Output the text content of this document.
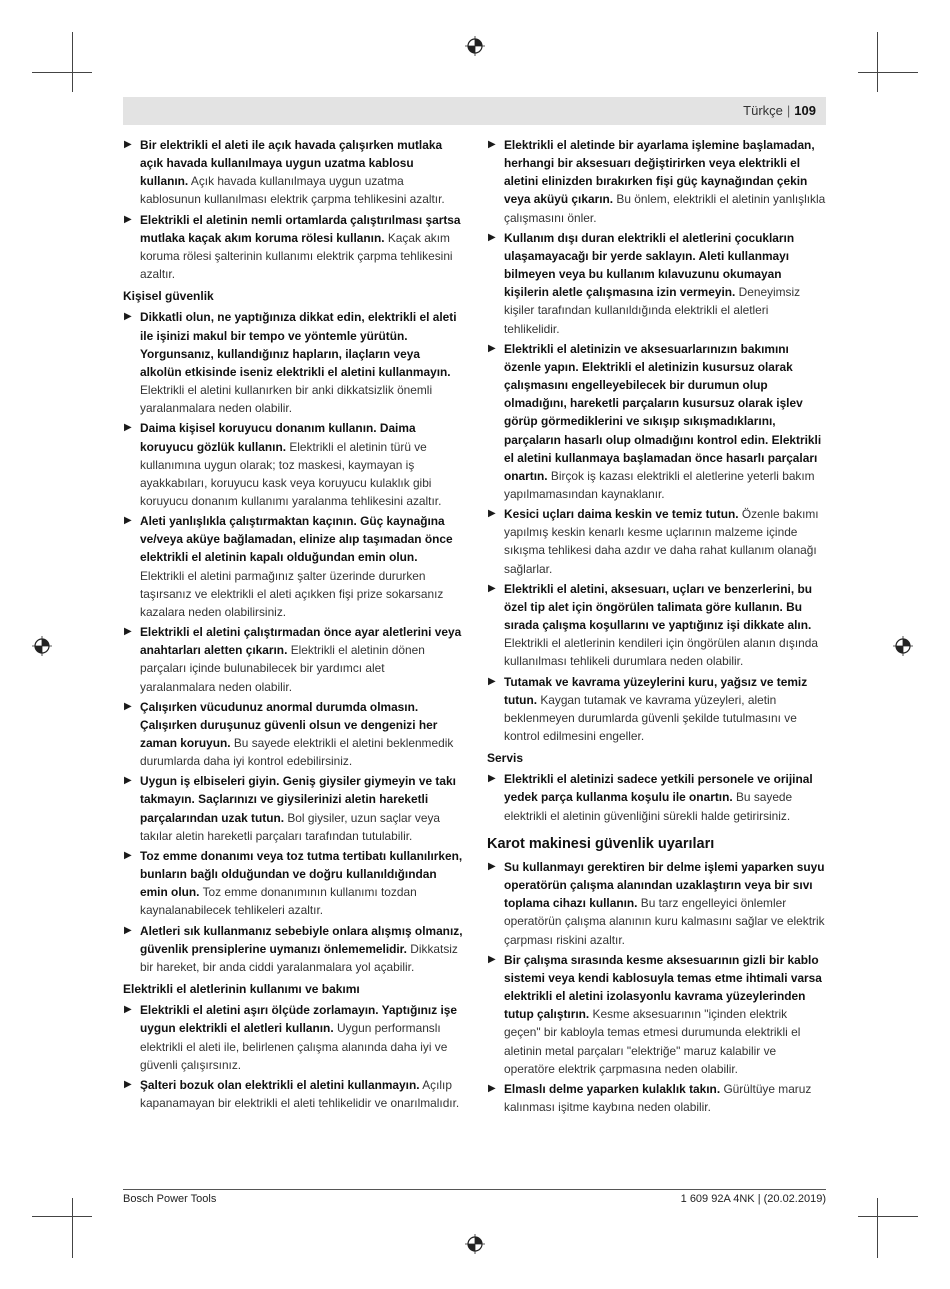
Türkçe | 109
▶ Bir elektrikli el aleti ile açık havada çalışırken mutlaka açık havada kullanılmaya uygun uzatma kablosu kullanın. Açık havada kullanılmaya uygun uzatma kablosunun kullanılması elektrik çarpma tehlikesini azaltır.
▶ Elektrikli el aletinin nemli ortamlarda çalıştırılması şartsa mutlaka kaçak akım koruma rölesi kullanın. Kaçak akım koruma rölesi şalterinin kullanımı elektrik çarpma tehlikesini azaltır.
Kişisel güvenlik
▶ Dikkatli olun, ne yaptığınıza dikkat edin, elektrikli el aleti ile işinizi makul bir tempo ve yöntemle yürütün. Yorgunsanız, kullandığınız hapların, ilaçların veya alkolün etkisinde iseniz elektrikli el aletini kullanmayın. Elektrikli el aletini kullanırken bir anki dikkatsizlik önemli yaralanmalara neden olabilir.
▶ Daima kişisel koruyucu donanım kullanın. Daima koruyucu gözlük kullanın. Elektrikli el aletinin türü ve kullanımına uygun olarak; toz maskesi, kaymayan iş ayakkabıları, koruyucu kask veya koruyucu kulaklık gibi koruyucu donanım kullanımı yaralanma tehlikesini azaltır.
▶ Aleti yanlışlıkla çalıştırmaktan kaçının. Güç kaynağına ve/veya aküye bağlamadan, elinize alıp taşımadan önce elektrikli el aletinin kapalı olduğundan emin olun. Elektrikli el aletini parmağınız şalter üzerinde dururken taşırsanız ve elektrikli el aleti açıkken fişi prize sokarsanız kazalara neden olabilirsiniz.
▶ Elektrikli el aletini çalıştırmadan önce ayar aletlerini veya anahtarları aletten çıkarın. Elektrikli el aletinin dönen parçaları içinde bulunabilecek bir yardımcı alet yaralanmalara neden olabilir.
▶ Çalışırken vücudunuz anormal durumda olmasın. Çalışırken duruşunuz güvenli olsun ve dengenizi her zaman koruyun. Bu sayede elektrikli el aletini beklenmedik durumlarda daha iyi kontrol edebilirsiniz.
▶ Uygun iş elbiseleri giyin. Geniş giysiler giymeyin ve takı takmayın. Saçlarınızı ve giysilerinizi aletin hareketli parçalarından uzak tutun. Bol giysiler, uzun saçlar veya takılar aletin hareketli parçaları tarafından tutulabilir.
▶ Toz emme donanımı veya toz tutma tertibatı kullanılırken, bunların bağlı olduğundan ve doğru kullanıldığından emin olun. Toz emme donanımının kullanımı tozdan kaynalanabilecek tehlikeleri azaltır.
▶ Aletleri sık kullanmanız sebebiyle onlara alışmış olmanız, güvenlik prensiplerine uymanızı önlememelidir. Dikkatsiz bir hareket, bir anda ciddi yaralanmalara yol açabilir.
Elektrikli el aletlerinin kullanımı ve bakımı
▶ Elektrikli el aletini aşırı ölçüde zorlamayın. Yaptığınız işe uygun elektrikli el aletleri kullanın. Uygun performanslı elektrikli el aleti ile, belirlenen çalışma alanında daha iyi ve güvenli çalışırsınız.
▶ Şalteri bozuk olan elektrikli el aletini kullanmayın. Açılıp kapanamayan bir elektrikli el aleti tehlikelidir ve onarılmalıdır.
▶ Elektrikli el aletinde bir ayarlama işlemine başlamadan, herhangi bir aksesuarı değiştirirken veya elektrikli el aletini elinizden bırakırken fişi güç kaynağından çekin veya aküyü çıkarın. Bu önlem, elektrikli el aletinin yanlışlıkla çalışmasını önler.
▶ Kullanım dışı duran elektrikli el aletlerini çocukların ulaşamayacağı bir yerde saklayın. Aleti kullanmayı bilmeyen veya bu kullanım kılavuzunu okumayan kişilerin aletle çalışmasına izin vermeyin. Deneyimsiz kişiler tarafından kullanıldığında elektrikli el aletleri tehlikelidir.
▶ Elektrikli el aletinizin ve aksesuarlarınızın bakımını özenle yapın. Elektrikli el aletinizin kusursuz olarak çalışmasını engelleyebilecek bir durumun olup olmadığını, hareketli parçaların kusursuz olarak işlev görüp görmediklerini ve sıkışıp sıkışmadıklarını, parçaların hasarlı olup olmadığını kontrol edin. Elektrikli el aletini kullanmaya başlamadan önce hasarlı parçaları onartın. Birçok iş kazası elektrikli el aletlerine yeterli bakım yapılmamasından kaynaklanır.
▶ Kesici uçları daima keskin ve temiz tutun. Özenle bakımı yapılmış keskin kenarlı kesme uçlarının malzeme içinde sıkışma tehlikesi daha azdır ve daha rahat kullanım olanağı sağlarlar.
▶ Elektrikli el aletini, aksesuarı, uçları ve benzerlerini, bu özel tip alet için öngörülen talimata göre kullanın. Bu sırada çalışma koşullarını ve yaptığınız işi dikkate alın. Elektrikli el aletlerinin kendileri için öngörülen alanın dışında kullanılması tehlikeli durumlara neden olabilir.
▶ Tutamak ve kavrama yüzeylerini kuru, yağsız ve temiz tutun. Kaygan tutamak ve kavrama yüzeyleri, aletin beklenmeyen durumlarda güvenli şekilde tutulmasını ve kontrol edilmesini engeller.
Servis
▶ Elektrikli el aletinizi sadece yetkili personele ve orijinal yedek parça kullanma koşulu ile onartın. Bu sayede elektrikli el aletinin güvenliğini sürekli halde getirirsiniz.
Karot makinesi güvenlik uyarıları
▶ Su kullanmayı gerektiren bir delme işlemi yaparken suyu operatörün çalışma alanından uzaklaştırın veya bir sıvı toplama cihazı kullanın. Bu tarz engelleyici önlemler operatörün çalışma alanının kuru kalmasını sağlar ve elektrik çarpması riskini azaltır.
▶ Bir çalışma sırasında kesme aksesuarının gizli bir kablo sistemi veya kendi kablosuyla temas etme ihtimali varsa elektrikli el aletini izolasyonlu kavrama yüzeylerinden tutup çalıştırın. Kesme aksesuarının "içinden elektrik geçen" bir kabloyla temas etmesi durumunda elektrikli el aletinin metal parçaları "elektriğe" maruz kalabilir ve operatöre elektrik çarpmasına neden olabilir.
▶ Elmaslı delme yaparken kulaklık takın. Gürültüye maruz kalınması işitme kaybına neden olabilir.
Bosch Power Tools	1 609 92A 4NK | (20.02.2019)
